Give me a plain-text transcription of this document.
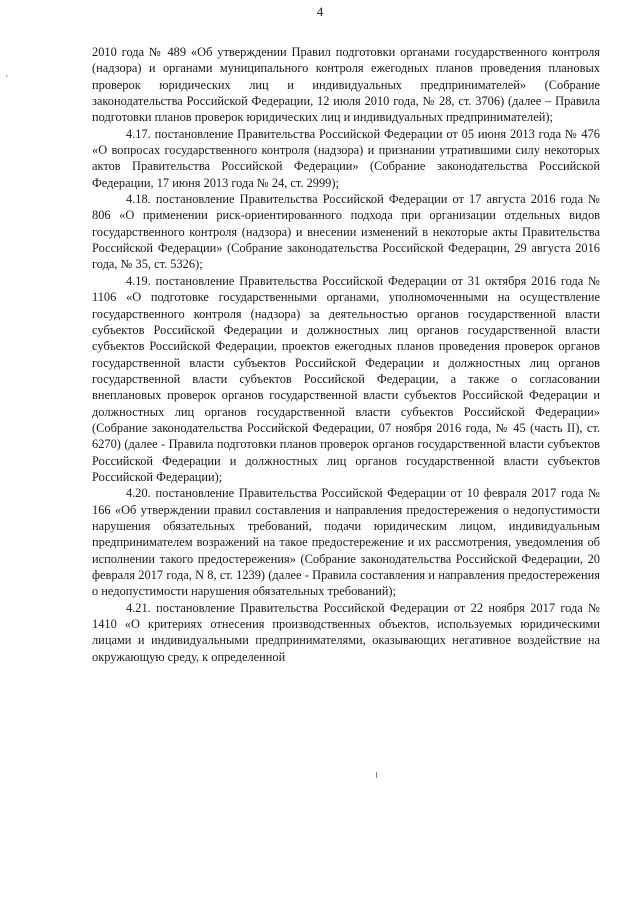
4
'

2010 года № 489 «Об утверждении Правил подготовки органами государственного контроля (надзора) и органами муниципального контроля ежегодных планов проведения плановых проверок юридических лиц и индивидуальных предпринимателей» (Собрание законодательства Российской Федерации, 12 июля 2010 года, № 28, ст. 3706) (далее – Правила подготовки планов проверок юридических лиц и индивидуальных предпринимателей);

4.17. постановление Правительства Российской Федерации от 05 июня 2013 года № 476 «О вопросах государственного контроля (надзора) и признании утратившими силу некоторых актов Правительства Российской Федерации» (Собрание законодательства Российской Федерации, 17 июня 2013 года № 24, ст. 2999);

4.18. постановление Правительства Российской Федерации от 17 августа 2016 года № 806 «О применении риск-ориентированного подхода при организации отдельных видов государственного контроля (надзора) и внесении изменений в некоторые акты Правительства Российской Федерации» (Собрание законодательства Российской Федерации, 29 августа 2016 года, № 35, ст. 5326);

4.19. постановление Правительства Российской Федерации от 31 октября 2016 года № 1106 «О подготовке государственными органами, уполномоченными на осуществление государственного контроля (надзора) за деятельностью органов государственной власти субъектов Российской Федерации и должностных лиц органов государственной власти субъектов Российской Федерации, проектов ежегодных планов проведения проверок органов государственной власти субъектов Российской Федерации и должностных лиц органов государственной власти субъектов Российской Федерации, а также о согласовании внеплановых проверок органов государственной власти субъектов Российской Федерации и должностных лиц органов государственной власти субъектов Российской Федерации» (Собрание законодательства Российской Федерации, 07 ноября 2016 года, № 45 (часть II), ст. 6270) (далее - Правила подготовки планов проверок органов государственной власти субъектов Российской Федерации и должностных лиц органов государственной власти субъектов Российской Федерации);

4.20. постановление Правительства Российской Федерации от 10 февраля 2017 года № 166 «Об утверждении правил составления и направления предостережения о недопустимости нарушения обязательных требований, подачи юридическим лицом, индивидуальным предпринимателем возражений на такое предостережение и их рассмотрения, уведомления об исполнении такого предостережения» (Собрание законодательства Российской Федерации, 20 февраля 2017 года, N 8, ст. 1239) (далее - Правила составления и направления предостережения о недопустимости нарушения обязательных требований);

4.21. постановление Правительства Российской Федерации от 22 ноября 2017 года № 1410 «О критериях отнесения производственных объектов, используемых юридическими лицами и индивидуальными предпринимателями, оказывающих негативное воздействие на окружающую среду, к определенной
